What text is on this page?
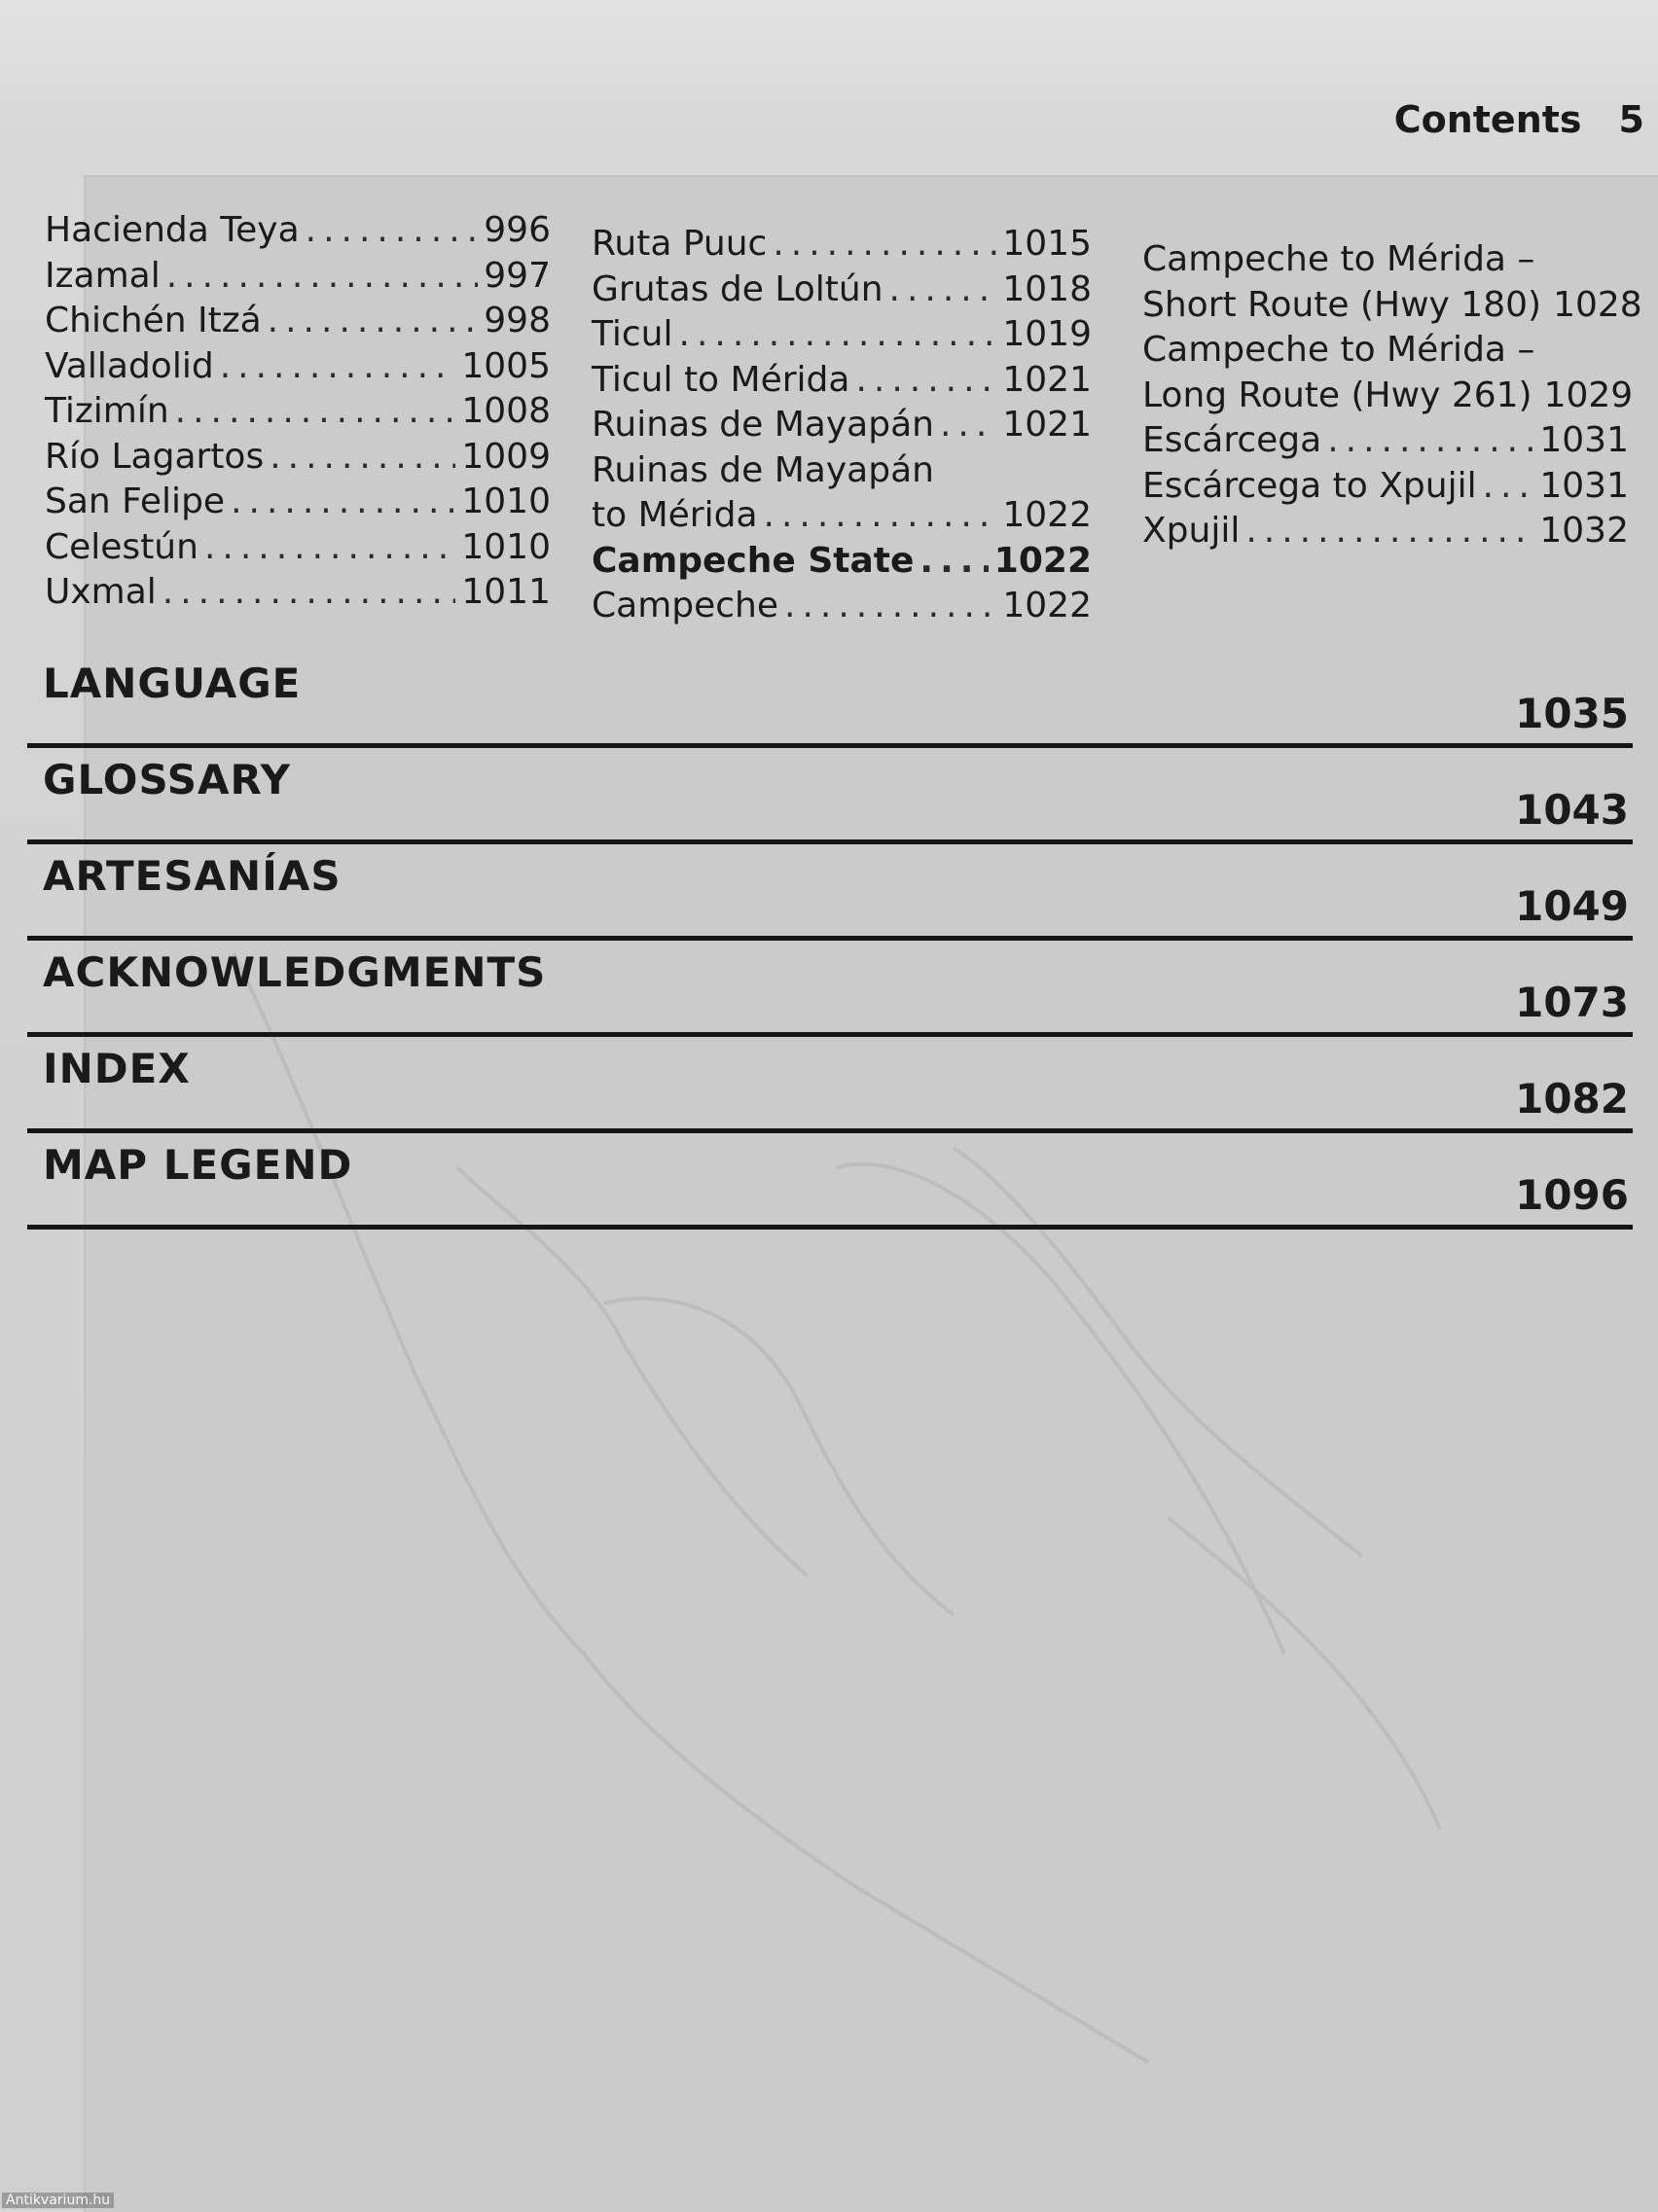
Contents 5
Hacienda Teya .....	996
Izamal .....	997
Chichén Itzá .....	998
Valladolid .....	1005
Tizimín .....	1008
Río Lagartos .....	1009
San Felipe .....	1010
Celestún .....	1010
Uxmal .....	1011
Ruta Puuc .....	1015
Grutas de Loltún .....	1018
Ticul .....	1019
Ticul to Mérida .....	1021
Ruinas de Mayapán ..... 1021
Ruinas de Mayapán
to Mérida .....	1022
Campeche State ..... 1022
Campeche .....	1022
Campeche to Mérida –
Short Route (Hwy 180) 1028
Campeche to Mérida –
Long Route (Hwy 261) 1029
Escárcega .....	1031
Escárcega to Xpujil ..... 1031
Xpujil .....	1032
LANGUAGE
1035
GLOSSARY
1043
ARTESANÍAS
1049
ACKNOWLEDGMENTS
1073
INDEX
1082
MAP LEGEND
1096
Antikvarium.hu
